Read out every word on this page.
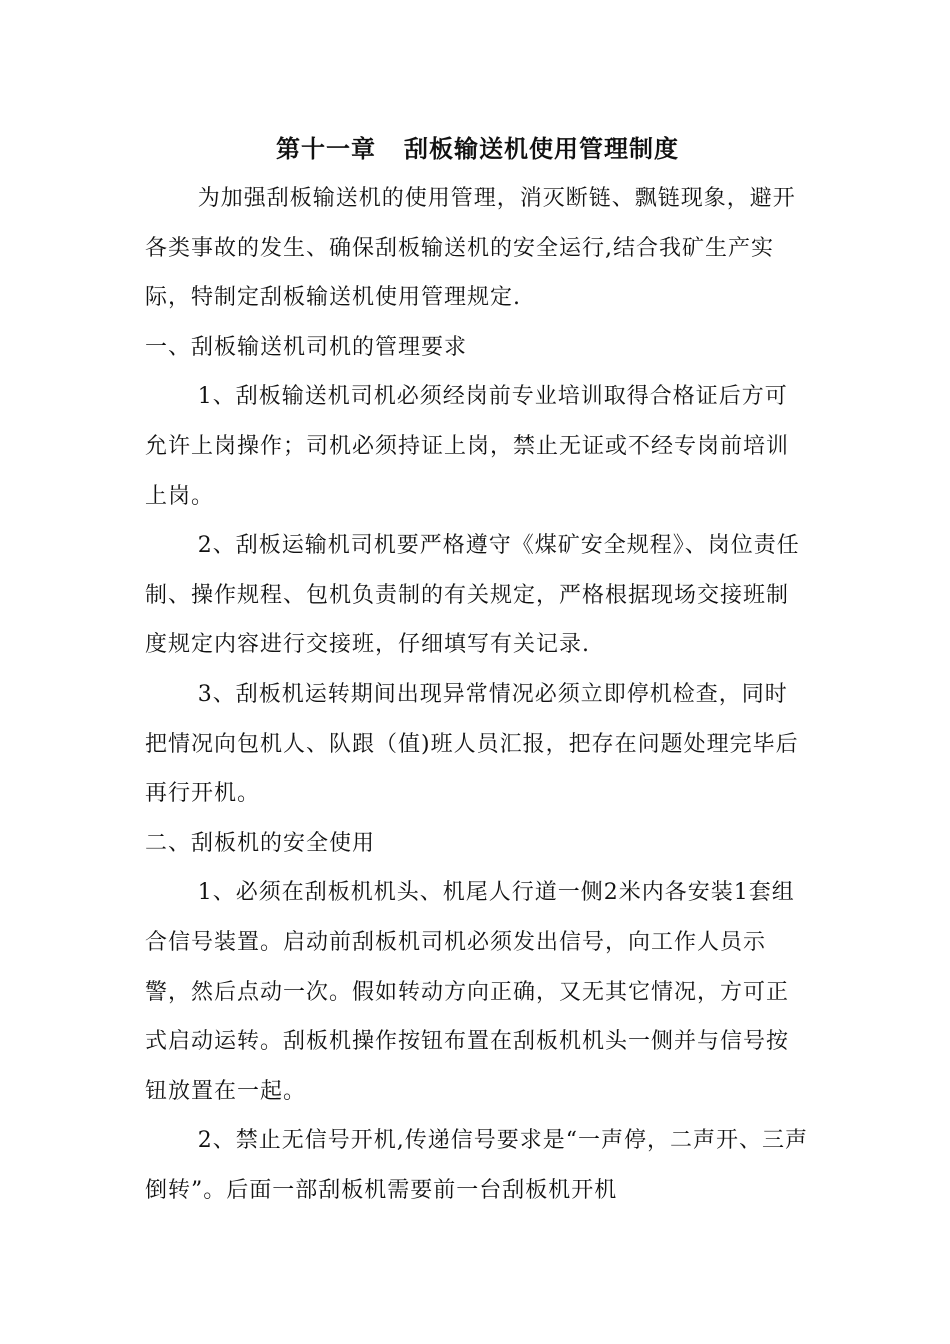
第十一章   刮板输送机使用管理制度

为加强刮板输送机的使用管理，消灭断链、飘链现象，避开各类事故的发生、确保刮板输送机的安全运行,结合我矿生产实际，特制定刮板输送机使用管理规定.

一、刮板输送机司机的管理要求

1、刮板输送机司机必须经岗前专业培训取得合格证后方可允许上岗操作；司机必须持证上岗，禁止无证或不经专岗前培训上岗。

2、刮板运输机司机要严格遵守《煤矿安全规程》、岗位责任制、操作规程、包机负责制的有关规定，严格根据现场交接班制度规定内容进行交接班，仔细填写有关记录.

3、刮板机运转期间出现异常情况必须立即停机检查，同时把情况向包机人、队跟（值)班人员汇报，把存在问题处理完毕后再行开机。

二、刮板机的安全使用

1、必须在刮板机机头、机尾人行道一侧2米内各安装1套组合信号装置。启动前刮板机司机必须发出信号，向工作人员示警，然后点动一次。假如转动方向正确，又无其它情况，方可正式启动运转。刮板机操作按钮布置在刮板机机头一侧并与信号按钮放置在一起。

2、禁止无信号开机,传递信号要求是“一声停，二声开、三声倒转”。后面一部刮板机需要前一台刮板机开机
